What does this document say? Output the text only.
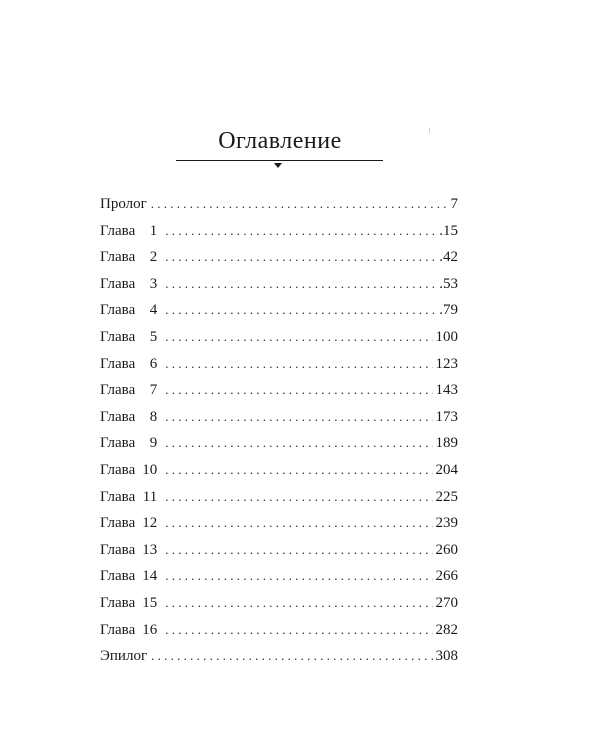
Оглавление
Пролог . . .	7
Глава 1 . . .	.15
Глава 2 . . .	.42
Глава 3 . . .	.53
Глава 4 . . .	.79
Глава 5 . . .	100
Глава 6 . . .	123
Глава 7 . . .	143
Глава 8 . . .	173
Глава 9 . . .	189
Глава 10 . . .	204
Глава 11 . . .	225
Глава 12 . . .	239
Глава 13 . . .	260
Глава 14 . . .	266
Глава 15 . . .	270
Глава 16 . . .	282
Эпилог . . .	308
